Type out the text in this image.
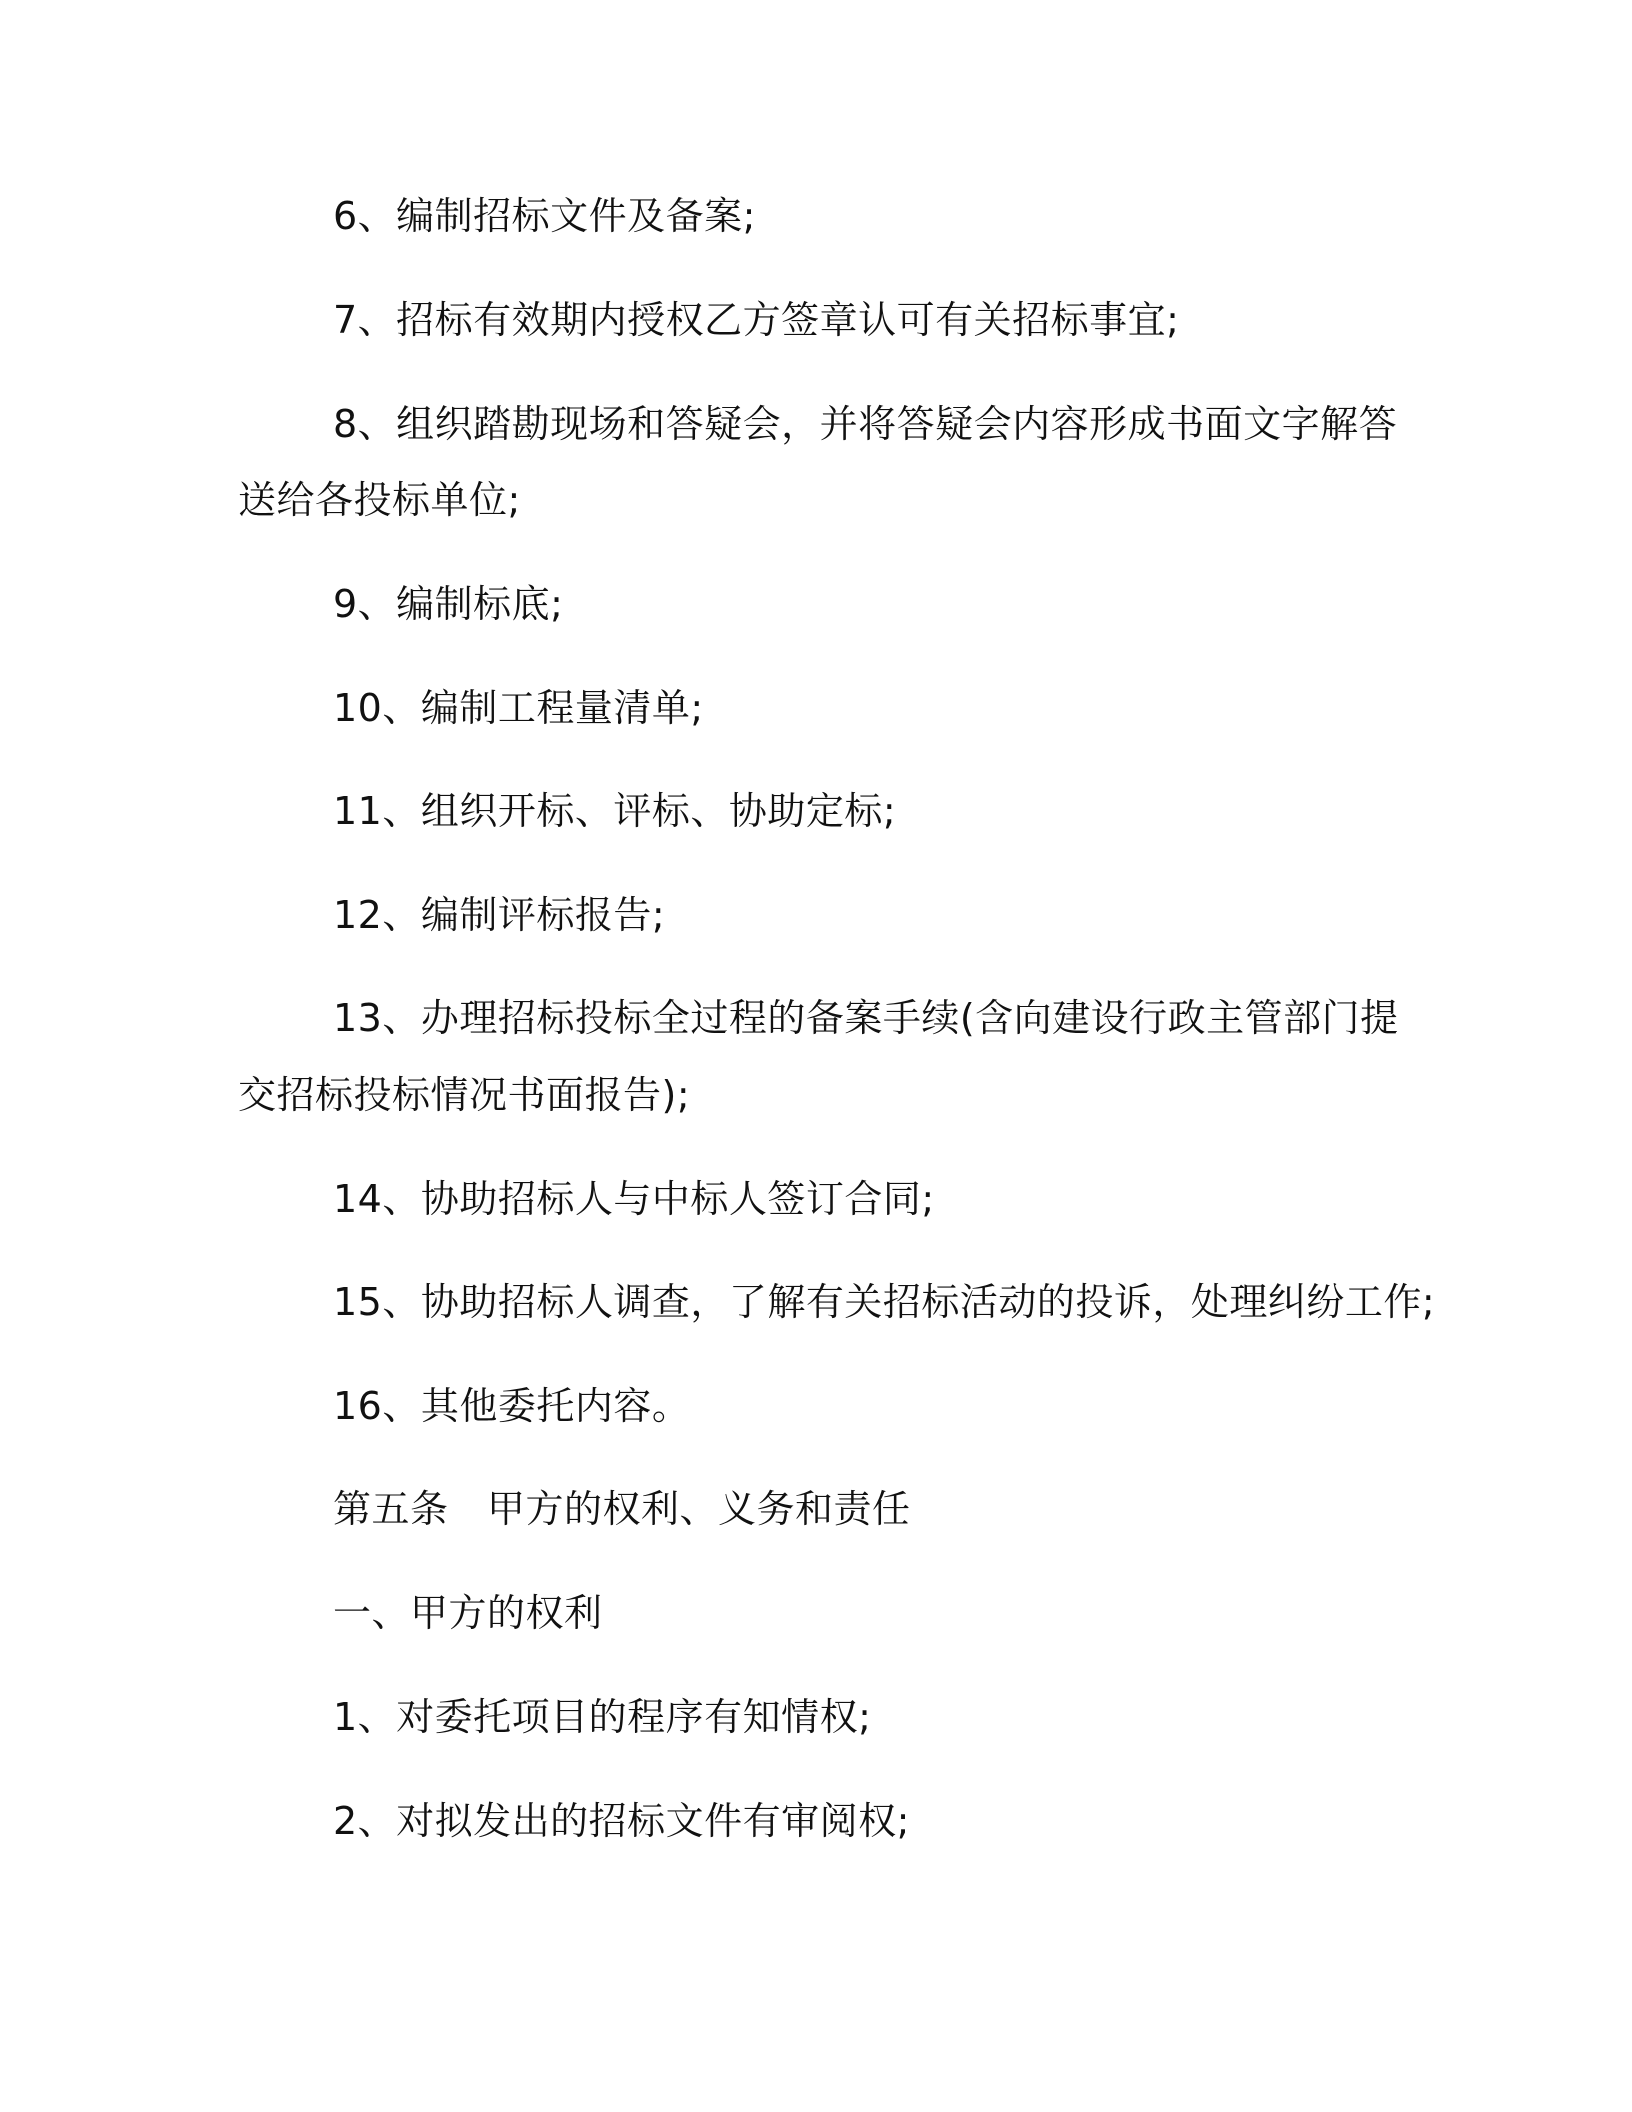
6、编制招标文件及备案;
7、招标有效期内授权乙方签章认可有关招标事宜;
8、组织踏勘现场和答疑会，并将答疑会内容形成书面文字解答
送给各投标单位;
9、编制标底;
10、编制工程量清单;
11、组织开标、评标、协助定标;
12、编制评标报告;
13、办理招标投标全过程的备案手续(含向建设行政主管部门提
交招标投标情况书面报告);
14、协助招标人与中标人签订合同;
15、协助招标人调查，了解有关招标活动的投诉，处理纠纷工作;
16、其他委托内容。
第五条　甲方的权利、义务和责任
一、甲方的权利
1、对委托项目的程序有知情权;
2、对拟发出的招标文件有审阅权;
